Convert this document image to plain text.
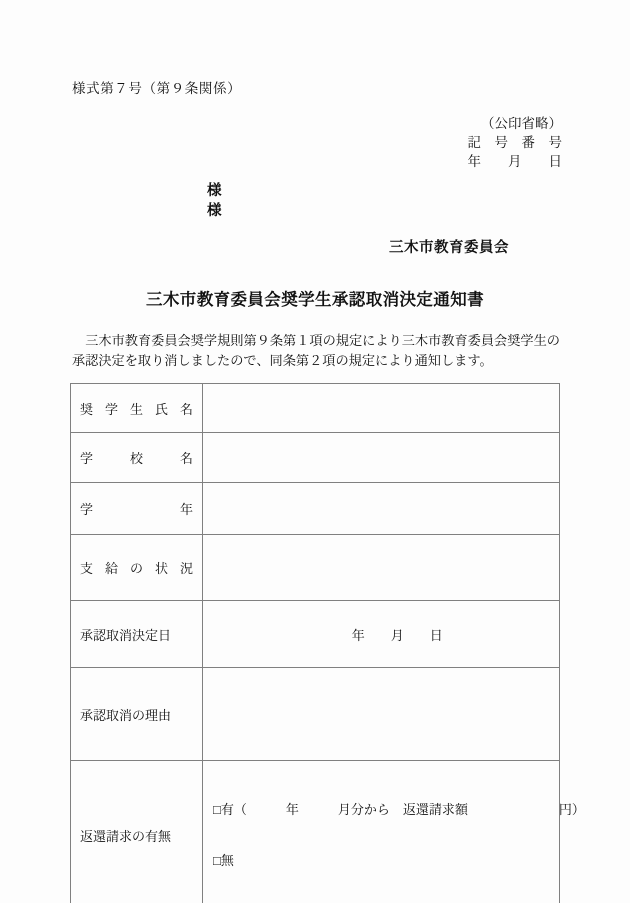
様式第７号（第９条関係）
（公印省略）
記　号　番　号
年　　月　　日
様
様
三木市教育委員会
三木市教育委員会奨学生承認取消決定通知書

　三木市教育委員会奨学規則第９条第１項の規定により三木市教育委員会奨学生の承認決定を取り消しましたので、同条第２項の規定により通知します。

奨 学 生 氏 名	

学 校 名	

学 年	

支 給 の 状 況	

承認取消決定日	年　　月　　日

承認取消の理由	

返還請求の有無	□有（　　　年　　　月分から　返還請求額　　　　　　　円）

□無
